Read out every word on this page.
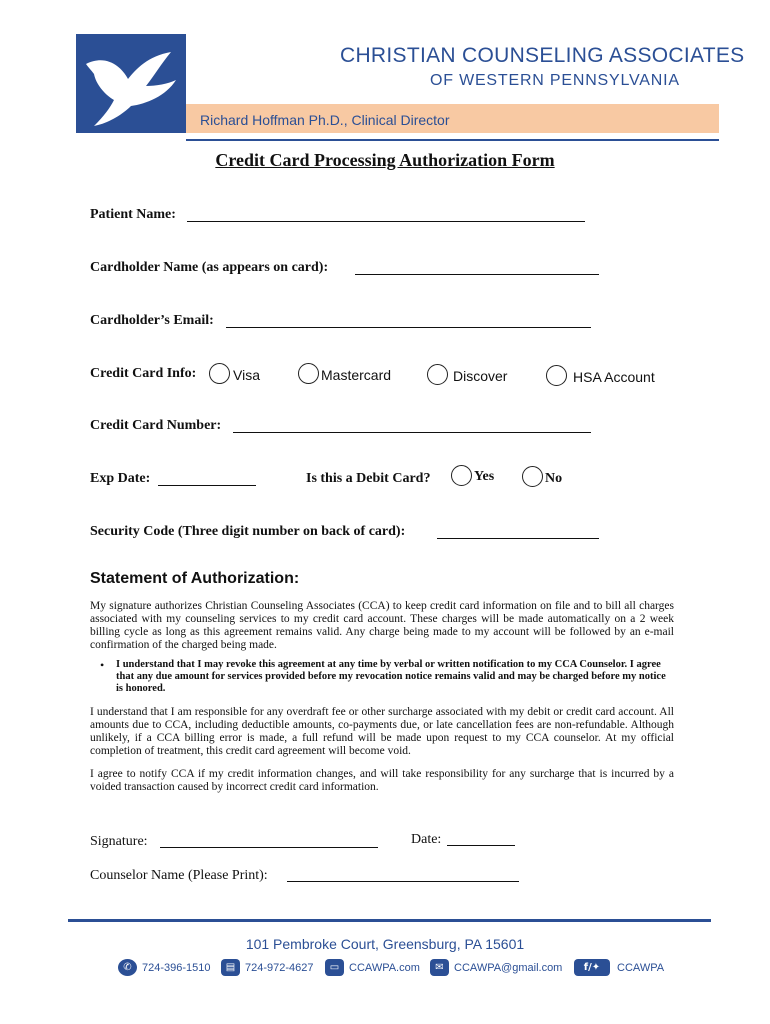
CHRISTIAN COUNSELING ASSOCIATES
OF WESTERN PENNSYLVANIA
Richard Hoffman Ph.D., Clinical Director
Credit Card Processing Authorization Form
Patient Name:
Cardholder Name (as appears on card):
Cardholder’s Email:
Credit Card Info:	Visa	Mastercard	Discover	HSA Account
Credit Card Number:
Exp Date:	Is this a Debit Card?	Yes	No
Security Code (Three digit number on back of card):
Statement of Authorization:
My signature authorizes Christian Counseling Associates (CCA) to keep credit card information on file and to bill all charges associated with my counseling services to my credit card account. These charges will be made automatically on a 2 week billing cycle as long as this agreement remains valid. Any charge being made to my account will be followed by an e-mail confirmation of the charged being made.
• I understand that I may revoke this agreement at any time by verbal or written notification to my CCA Counselor. I agree that any due amount for services provided before my revocation notice remains valid and may be charged before my notice is honored.
I understand that I am responsible for any overdraft fee or other surcharge associated with my debit or credit card account. All amounts due to CCA, including deductible amounts, co-payments due, or late cancellation fees are non-refundable. Although unlikely, if a CCA billing error is made, a full refund will be made upon request to my CCA counselor. At my official completion of treatment, this credit card agreement will become void.
I agree to notify CCA if my credit information changes, and will take responsibility for any surcharge that is incurred by a voided transaction caused by incorrect credit card information.
Signature:	Date:
Counselor Name (Please Print):
101 Pembroke Court, Greensburg, PA 15601
✆ 724-396-1510	▤ 724-972-4627	▭ CCAWPA.com	✉ CCAWPA@gmail.com	f/✦	CCAWPA
